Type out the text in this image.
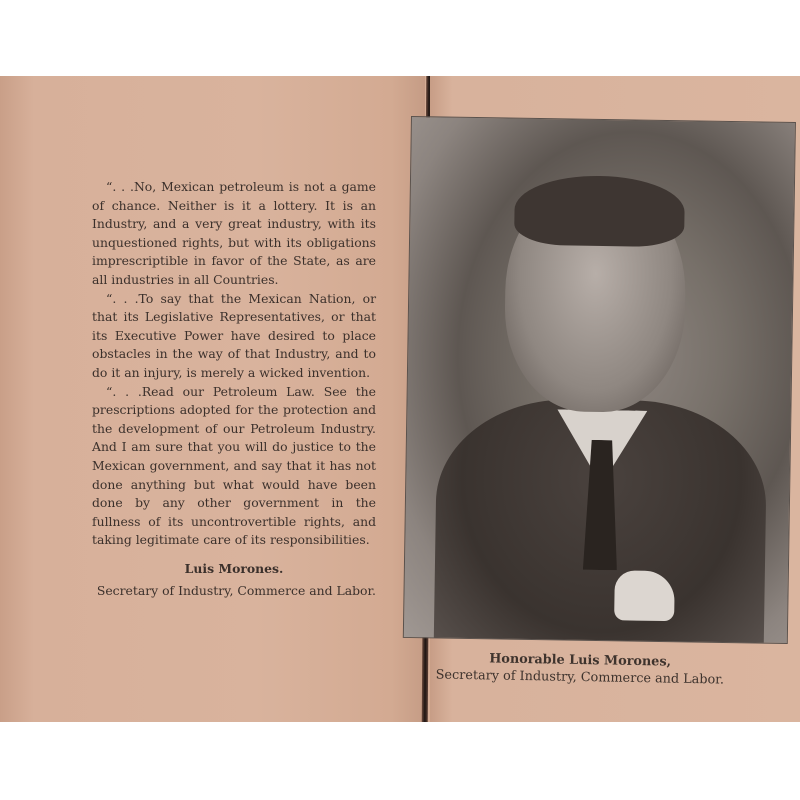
“. . .No, Mexican petroleum is not a game of chance. Neither is it a lottery. It is an Industry, and a very great industry, with its unquestioned rights, but with its obligations imprescriptible in favor of the State, as are all industries in all Countries.

“. . .To say that the Mexican Nation, or that its Legislative Representatives, or that its Executive Power have desired to place obstacles in the way of that Industry, and to do it an injury, is merely a wicked invention.

“. . .Read our Petroleum Law. See the prescriptions adopted for the protection and the development of our Petroleum Industry. And I am sure that you will do justice to the Mexican government, and say that it has not done anything but what would have been done by any other government in the fullness of its uncontrovertible rights, and taking legitimate care of its responsibilities.

Luis Morones.
Secretary of Industry, Commerce and Labor.
Honorable Luis Morones,
Secretary of Industry, Commerce and Labor.
